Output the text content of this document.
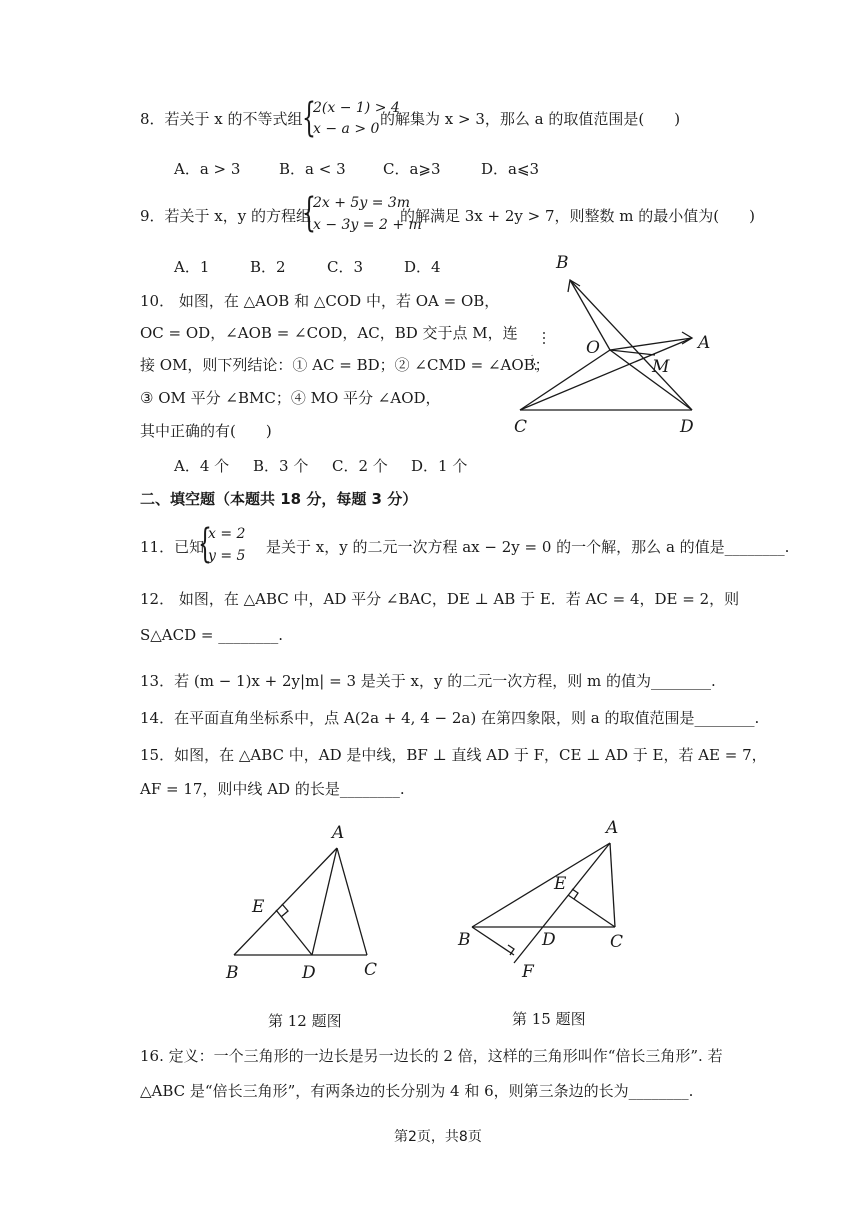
8．若关于 x 的不等式组 {
2(x − 1) > 4
x − a > 0
的解集为 x > 3，那么 a 的取值范围是(　　)
A．a > 3	B．a < 3 C．a⩾3	D．a⩽3
9．若关于 x，y 的方程组
{
2x + 5y = 3m
x − 3y = 2 + m
的解满足 3x + 2y > 7，则整数 m 的最小值为(　　)
A．1	B．2	C．3	D．4
10． 如图，在 △AOB 和 △COD 中，若 OA = OB，
OC = OD，∠AOB = ∠COD，AC，BD 交于点 M，连
接 OM，则下列结论：① AC = BD；② ∠CMD = ∠AOB；
③ OM 平分 ∠BMC；④ MO 平分 ∠AOD，
其中正确的有(　　)
A．4 个 B．3 个 C．2 个 D．1 个
B
O	A
M
C	D
二、填空题（本题共 18 分，每题 3 分）
11．已知
{
x = 2
y = 5 是关于 x，y 的二元一次方程 ax − 2y = 0 的一个解，那么 a 的值是________.
12． 如图，在 △ABC 中，AD 平分 ∠BAC，DE ⊥ AB 于 E．若 AC = 4，DE = 2，则
S△ACD = ________.
13．若 (m − 1)x + 2y|m| = 3 是关于 x，y 的二元一次方程，则 m 的值为________.
14．在平面直角坐标系中，点 A(2a + 4, 4 − 2a) 在第四象限，则 a 的取值范围是________.
15．如图，在 △ABC 中，AD 是中线，BF ⊥ 直线 AD 于 F，CE ⊥ AD 于 E，若 AE = 7，
AF = 17，则中线 AD 的长是________.
A
E
B	D	C
A
E
B	D	C
F
第 12 题图	第 15 题图
16. 定义：一个三角形的一边长是另一边长的 2 倍，这样的三角形叫作“倍长三角形”. 若
△ABC 是“倍长三角形”，有两条边的长分别为 4 和 6，则第三条边的长为________.
第2页，共8页
